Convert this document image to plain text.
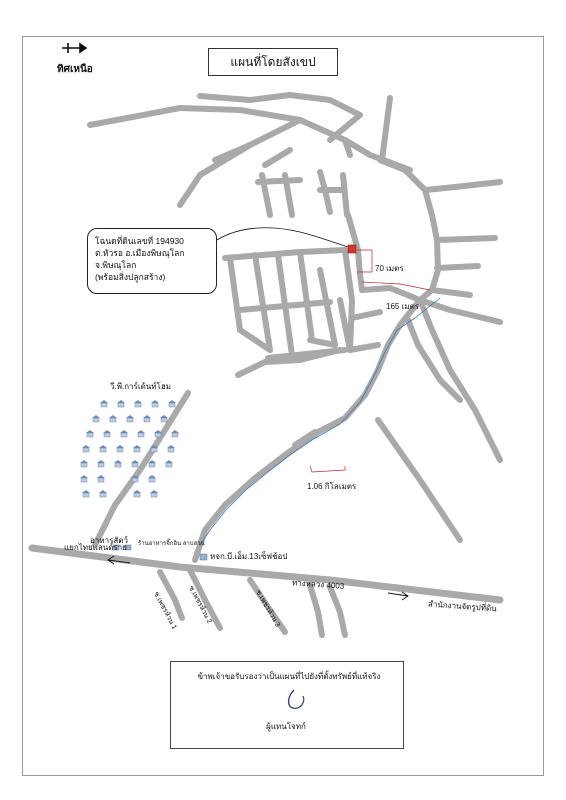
ทิศเหนือ
แผนที่โดยสังเขป
โฉนดที่ดินเลขที่ 194930
ต.หัวรอ อ.เมืองพิษณุโลก
จ.พิษณุโลก
(พร้อมสิ่งปลูกสร้าง)
70 เมตร
165 เมตร
1.06 กิโลเมตร
วี.พี.การ์เด้นท์โฮม
อาหารสัตว์ ร้านอาหารจิ๊กอิน ลาบสวน
หจก.บี.เอ็ม.13เซ็ฟช้อป
แยกไทยแลนด์ราย
ทางหลวง 4003
สำนักงานจัดรูปที่ดิน
ซ.เพชรห้วน 1 ซ.เพชรห้วน 2	ซ.เพชรห้วน 3
ข้าพเจ้าขอรับรองว่าเป็นแผนที่ไปยังที่ตั้งทรัพย์ที่แท้จริง
ผู้แทนโจทก์
